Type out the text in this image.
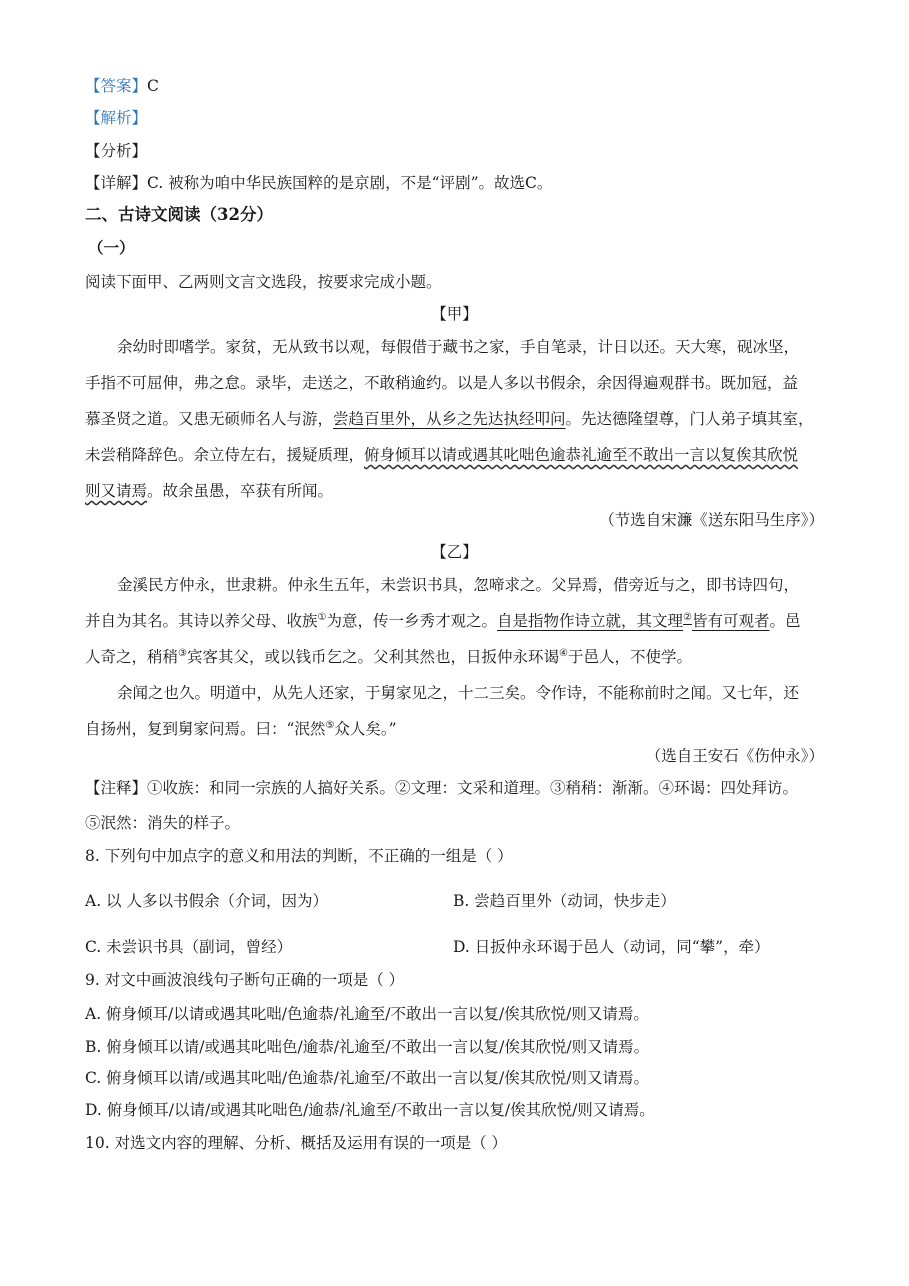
【答案】C
【解析】
【分析】
【详解】C. 被称为咱中华民族国粹的是京剧，不是“评剧”。故选C。
二、古诗文阅读（32分）
（一）
阅读下面甲、乙两则文言文选段，按要求完成小题。
【甲】
余幼时即嗜学。家贫，无从致书以观，每假借于藏书之家，手自笔录，计日以还。天大寒，砚冰坚，
手指不可屈伸，弗之怠。录毕，走送之，不敢稍逾约。以是人多以书假余，余因得遍观群书。既加冠，益
慕圣贤之道。又患无硕师名人与游，尝趋百里外，从乡之先达执经叩问。先达德隆望尊，门人弟子填其室，
未尝稍降辞色。余立侍左右，援疑质理，俯身倾耳以请或遇其叱咄色逾恭礼逾至不敢出一言以复俟其欣悦
则又请焉。故余虽愚，卒获有所闻。
（节选自宋濂《送东阳马生序》）
【乙】
金溪民方仲永，世隶耕。仲永生五年，未尝识书具，忽啼求之。父异焉，借旁近与之，即书诗四句，
并自为其名。其诗以养父母、收族①为意，传一乡秀才观之。自是指物作诗立就，其文理②皆有可观者。邑
人奇之，稍稍③宾客其父，或以钱币乞之。父利其然也，日扳仲永环谒④于邑人，不使学。
余闻之也久。明道中，从先人还家，于舅家见之，十二三矣。令作诗，不能称前时之闻。又七年，还
自扬州，复到舅家问焉。曰：“泯然⑤众人矣。”
（选自王安石《伤仲永》）
【注释】①收族：和同一宗族的人搞好关系。②文理：文采和道理。③稍稍：渐渐。④环谒：四处拜访。
⑤泯然：消失的样子。
8. 下列句中加点字的意义和用法的判断，不正确的一组是（ ）
A. 以 人多以书假余（介词，因为）	B. 尝趋百里外（动词，快步走）
C. 未尝识书具（副词，曾经）	D. 日扳仲永环谒于邑人（动词，同“攀”，牵）
9. 对文中画波浪线句子断句正确的一项是（ ）
A. 俯身倾耳/以请或遇其叱咄/色逾恭/礼逾至/不敢出一言以复/俟其欣悦/则又请焉。
B. 俯身倾耳以请/或遇其叱咄色/逾恭/礼逾至/不敢出一言以复/俟其欣悦/则又请焉。
C. 俯身倾耳以请/或遇其叱咄/色逾恭/礼逾至/不敢出一言以复/俟其欣悦/则又请焉。
D. 俯身倾耳/以请/或遇其叱咄色/逾恭/礼逾至/不敢出一言以复/俟其欣悦/则又请焉。
10. 对选文内容的理解、分析、概括及运用有误的一项是（ ）
